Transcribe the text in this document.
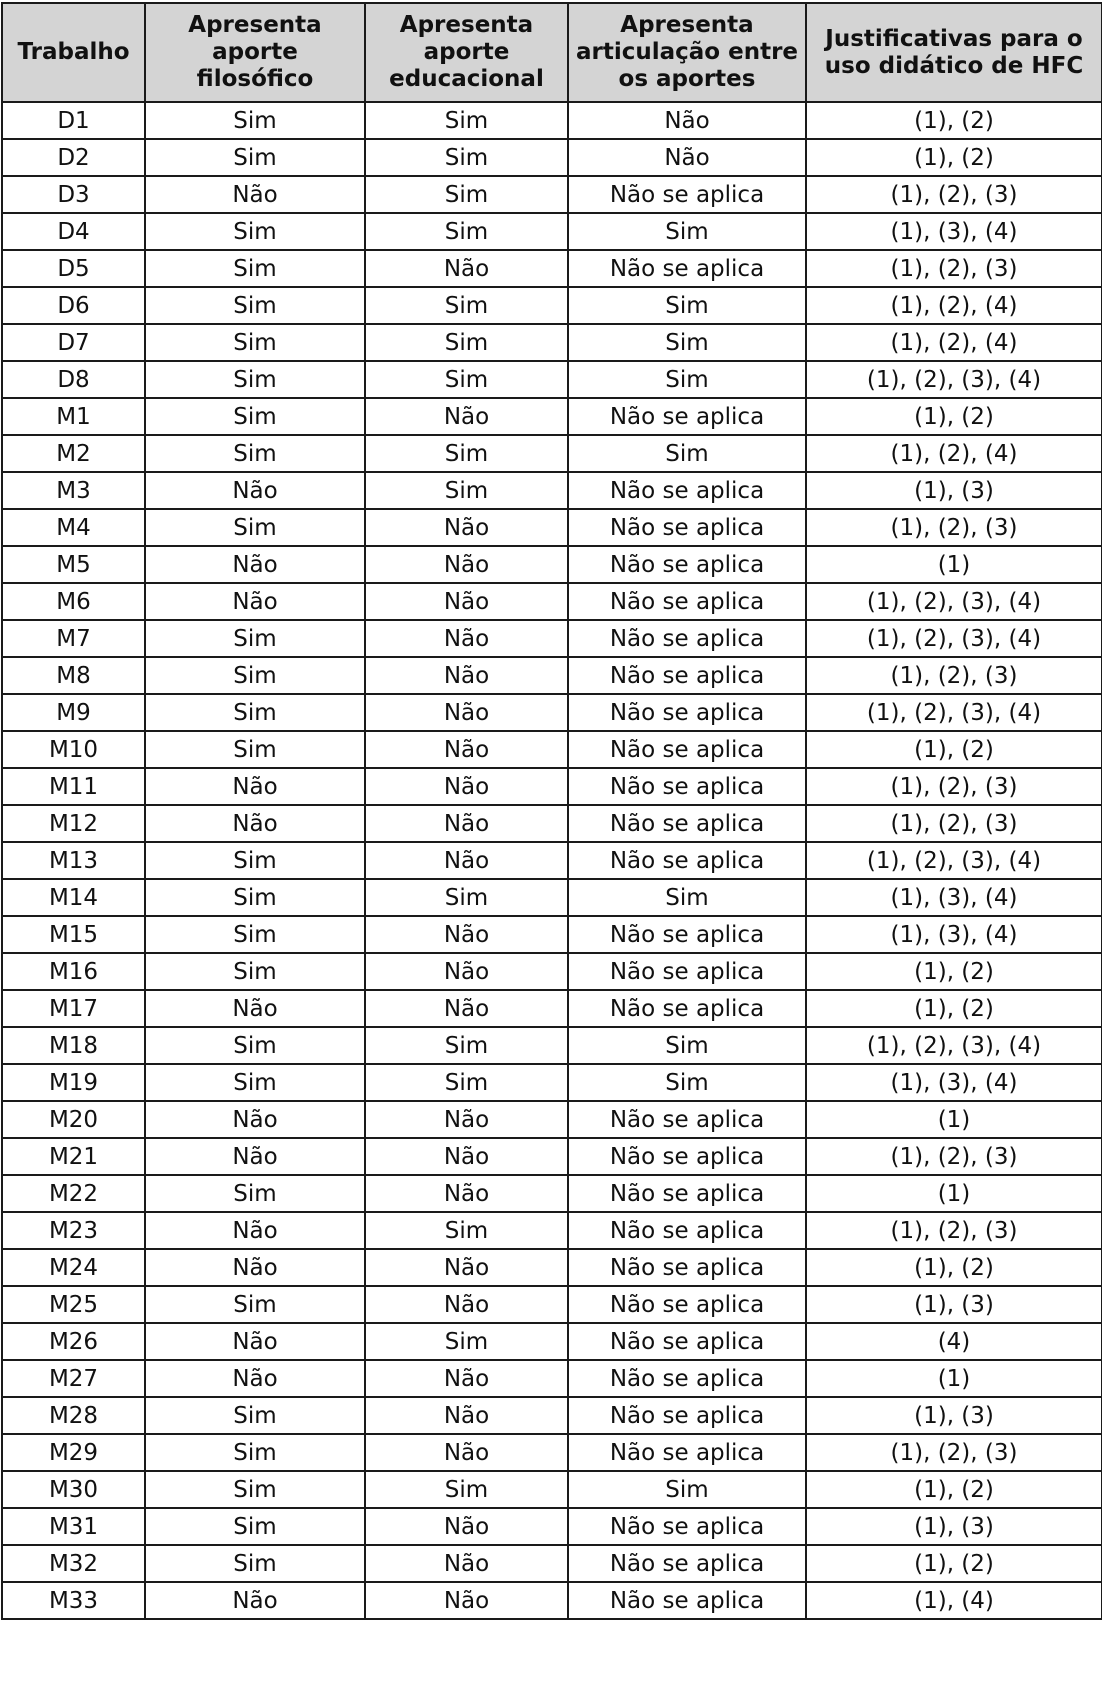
Trabalho	Apresenta aporte filosófico	Apresenta aporte educacional	Apresenta articulação entre os aportes	Justificativas para o uso didático de HFC
D1	Sim	Sim	Não	(1), (2)
D2	Sim	Sim	Não	(1), (2)
D3	Não	Sim	Não se aplica	(1), (2), (3)
D4	Sim	Sim	Sim	(1), (3), (4)
D5	Sim	Não	Não se aplica	(1), (2), (3)
D6	Sim	Sim	Sim	(1), (2), (4)
D7	Sim	Sim	Sim	(1), (2), (4)
D8	Sim	Sim	Sim	(1), (2), (3), (4)
M1	Sim	Não	Não se aplica	(1), (2)
M2	Sim	Sim	Sim	(1), (2), (4)
M3	Não	Sim	Não se aplica	(1), (3)
M4	Sim	Não	Não se aplica	(1), (2), (3)
M5	Não	Não	Não se aplica	(1)
M6	Não	Não	Não se aplica	(1), (2), (3), (4)
M7	Sim	Não	Não se aplica	(1), (2), (3), (4)
M8	Sim	Não	Não se aplica	(1), (2), (3)
M9	Sim	Não	Não se aplica	(1), (2), (3), (4)
M10	Sim	Não	Não se aplica	(1), (2)
M11	Não	Não	Não se aplica	(1), (2), (3)
M12	Não	Não	Não se aplica	(1), (2), (3)
M13	Sim	Não	Não se aplica	(1), (2), (3), (4)
M14	Sim	Sim	Sim	(1), (3), (4)
M15	Sim	Não	Não se aplica	(1), (3), (4)
M16	Sim	Não	Não se aplica	(1), (2)
M17	Não	Não	Não se aplica	(1), (2)
M18	Sim	Sim	Sim	(1), (2), (3), (4)
M19	Sim	Sim	Sim	(1), (3), (4)
M20	Não	Não	Não se aplica	(1)
M21	Não	Não	Não se aplica	(1), (2), (3)
M22	Sim	Não	Não se aplica	(1)
M23	Não	Sim	Não se aplica	(1), (2), (3)
M24	Não	Não	Não se aplica	(1), (2)
M25	Sim	Não	Não se aplica	(1), (3)
M26	Não	Sim	Não se aplica	(4)
M27	Não	Não	Não se aplica	(1)
M28	Sim	Não	Não se aplica	(1), (3)
M29	Sim	Não	Não se aplica	(1), (2), (3)
M30	Sim	Sim	Sim	(1), (2)
M31	Sim	Não	Não se aplica	(1), (3)
M32	Sim	Não	Não se aplica	(1), (2)
M33	Não	Não	Não se aplica	(1), (4)
